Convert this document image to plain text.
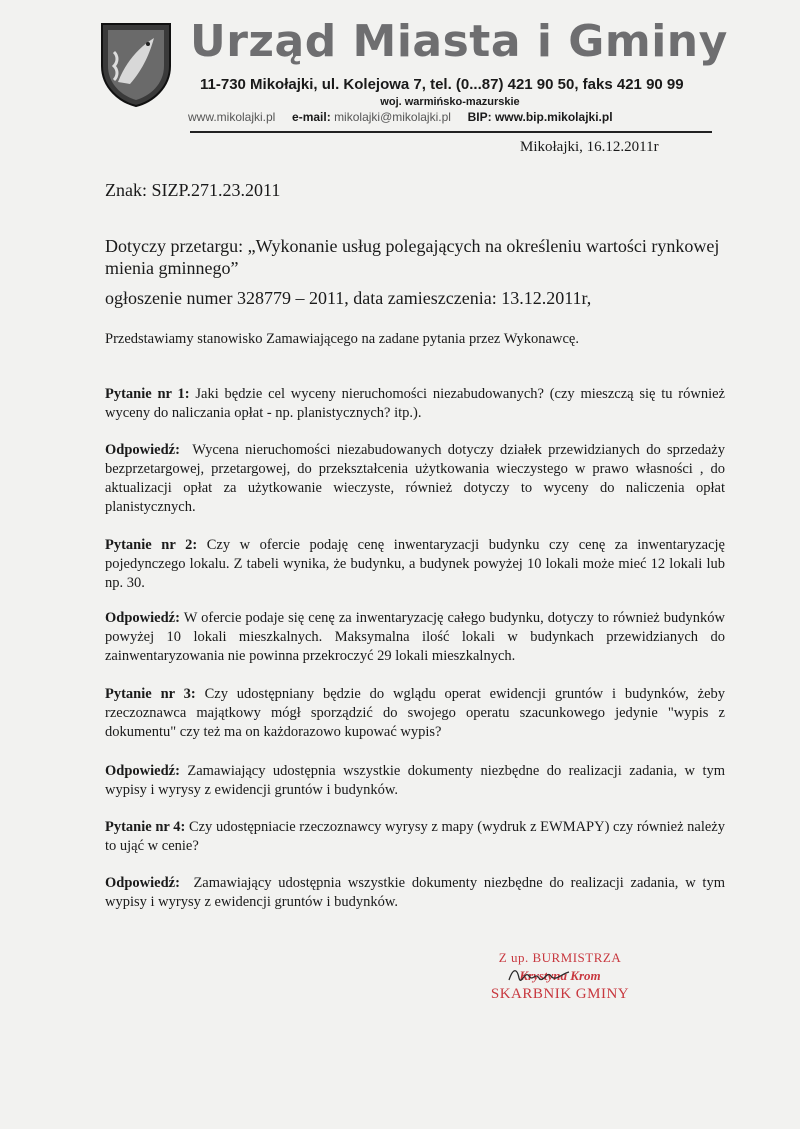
Urząd Miasta i Gminy
11-730 Mikołajki, ul. Kolejowa 7, tel. (0...87) 421 90 50, faks 421 90 99
woj. warmińsko-mazurskie
www.mikolajki.pl e-mail: mikolajki@mikolajki.pl BIP: www.bip.mikolajki.pl
Mikołajki, 16.12.2011r
Znak: SIZP.271.23.2011
Dotyczy przetargu: „Wykonanie usług polegających na określeniu wartości rynkowej mienia gminnego”
ogłoszenie numer 328779 – 2011, data zamieszczenia: 13.12.2011r,
Przedstawiamy stanowisko Zamawiającego na zadane pytania przez Wykonawcę.

Pytanie nr 1: Jaki będzie cel wyceny nieruchomości niezabudowanych? (czy mieszczą się tu również wyceny do naliczania opłat - np. planistycznych? itp.).

Odpowiedź: Wycena nieruchomości niezabudowanych dotyczy działek przewidzianych do sprzedaży bezprzetargowej, przetargowej, do przekształcenia użytkowania wieczystego w prawo własności , do aktualizacji opłat za użytkowanie wieczyste, również dotyczy to wyceny do naliczenia opłat planistycznych.

Pytanie nr 2: Czy w ofercie podaję cenę inwentaryzacji budynku czy cenę za inwentaryzację pojedynczego lokalu. Z tabeli wynika, że budynku, a budynek powyżej 10 lokali może mieć 12 lokali lub np. 30.

Odpowiedź: W ofercie podaje się cenę za inwentaryzację całego budynku, dotyczy to również budynków powyżej 10 lokali mieszkalnych. Maksymalna ilość lokali w budynkach przewidzianych do zainwentaryzowania nie powinna przekroczyć 29 lokali mieszkalnych.

Pytanie nr 3: Czy udostępniany będzie do wglądu operat ewidencji gruntów i budynków, żeby rzeczoznawca majątkowy mógł sporządzić do swojego operatu szacunkowego jedynie "wypis z dokumentu" czy też ma on każdorazowo kupować wypis?

Odpowiedź: Zamawiający udostępnia wszystkie dokumenty niezbędne do realizacji zadania, w tym wypisy i wyrysy z ewidencji gruntów i budynków.

Pytanie nr 4: Czy udostępniacie rzeczoznawcy wyrysy z mapy (wydruk z EWMAPY) czy również należy to ująć w cenie?

Odpowiedź: Zamawiający udostępnia wszystkie dokumenty niezbędne do realizacji zadania, w tym wypisy i wyrysy z ewidencji gruntów i budynków.

Z up. BURMISTRZA
Krystyna Krom
SKARBNIK GMINY
